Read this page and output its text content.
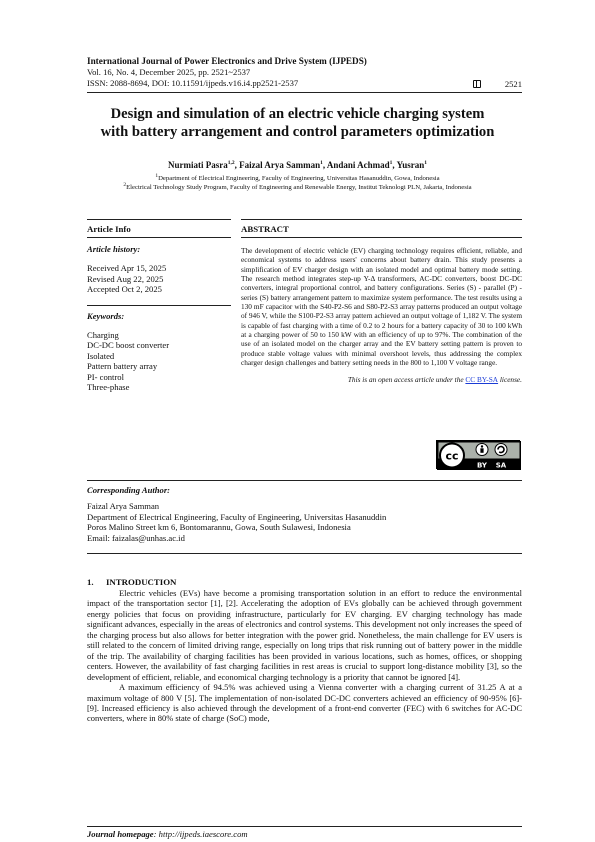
International Journal of Power Electronics and Drive System (IJPEDS)
Vol. 16, No. 4, December 2025, pp. 2521~2537
ISSN: 2088-8694, DOI: 10.11591/ijpeds.v16.i4.pp2521-2537	2521
Design and simulation of an electric vehicle charging system
with battery arrangement and control parameters optimization
Nurmiati Pasra$^{1,2}$, Faizal Arya Samman$^1$, Andani Achmad$^1$, Yusran$^1$
$^1$Department of Electrical Engineering, Faculty of Engineering, Universitas Hasanuddin, Gowa, Indonesia
$^2$Electrical Technology Study Program, Faculty of Engineering and Renewable Energy, Institut Teknologi PLN, Jakarta, Indonesia
Article Info
Article history:
Received Apr 15, 2025
Revised Aug 22, 2025
Accepted Oct 2, 2025
Keywords:
Charging
DC-DC boost converter
Isolated
Pattern battery array
PI- control
Three-phase
ABSTRACT
The development of electric vehicle (EV) charging technology requires efficient, reliable, and economical systems to address users' concerns about battery drain. This study presents a simplification of EV charger design with an isolated model and optimal battery mode setting. The research method integrates step-up Y-Δ transformers, AC-DC converters, boost DC-DC converters, integral proportional control, and battery configurations. Series (S) - parallel (P) - series (S) battery arrangement pattern to maximize system performance. The test results using a 130 mF capacitor with the S40-P2-S6 and S80-P2-S3 array patterns produced an output voltage of 946 V, while the S100-P2-S3 array pattern achieved an output voltage of 1,182 V. The system is capable of fast charging with a time of 0.2 to 2 hours for a battery capacity of 30 to 100 kWh at a charging power of 50 to 150 kW with an efficiency of up to 97%. The combination of the use of an isolated model on the charger array and the EV battery setting pattern is proven to produce stable voltage values with minimal overshoot levels, thus addressing the complex charger design challenges and battery setting needs in the 800 to 1,100 V voltage range.
This is an open access article under the CC BY-SA license.
cc
BY SA
Corresponding Author:
Faizal Arya Samman
Department of Electrical Engineering, Faculty of Engineering, Universitas Hasanuddin
Poros Malino Street km 6, Bontomarannu, Gowa, South Sulawesi, Indonesia
Email: faizalas@unhas.ac.id
1. INTRODUCTION
Electric vehicles (EVs) have become a promising transportation solution in an effort to reduce the environmental impact of the transportation sector [1], [2]. Accelerating the adoption of EVs globally can be achieved through government energy policies that focus on providing infrastructure, particularly for EV charging. EV charging technology has made significant advances, especially in the areas of electronics and control systems. This development not only increases the speed of the charging process but also allows for better integration with the power grid. Nonetheless, the main challenge for EV users is still related to the concern of limited driving range, especially on long trips that risk running out of battery power in the middle of the trip. The availability of charging facilities has been provided in various locations, such as homes, offices, or shopping centers. However, the availability of fast charging facilities in rest areas is crucial to support long-distance mobility [3], so the development of efficient, reliable, and economical charging technology is a priority that cannot be ignored [4].
A maximum efficiency of 94.5% was achieved using a Vienna converter with a charging current of 31.25 A at a maximum voltage of 800 V [5]. The implementation of non-isolated DC-DC converters achieved an efficiency of 90-95% [6]-[9]. Increased efficiency is also achieved through the development of a front-end converter (FEC) with 6 switches for AC-DC converters, where in 80% state of charge (SoC) mode,
Journal homepage: http://ijpeds.iaescore.com
